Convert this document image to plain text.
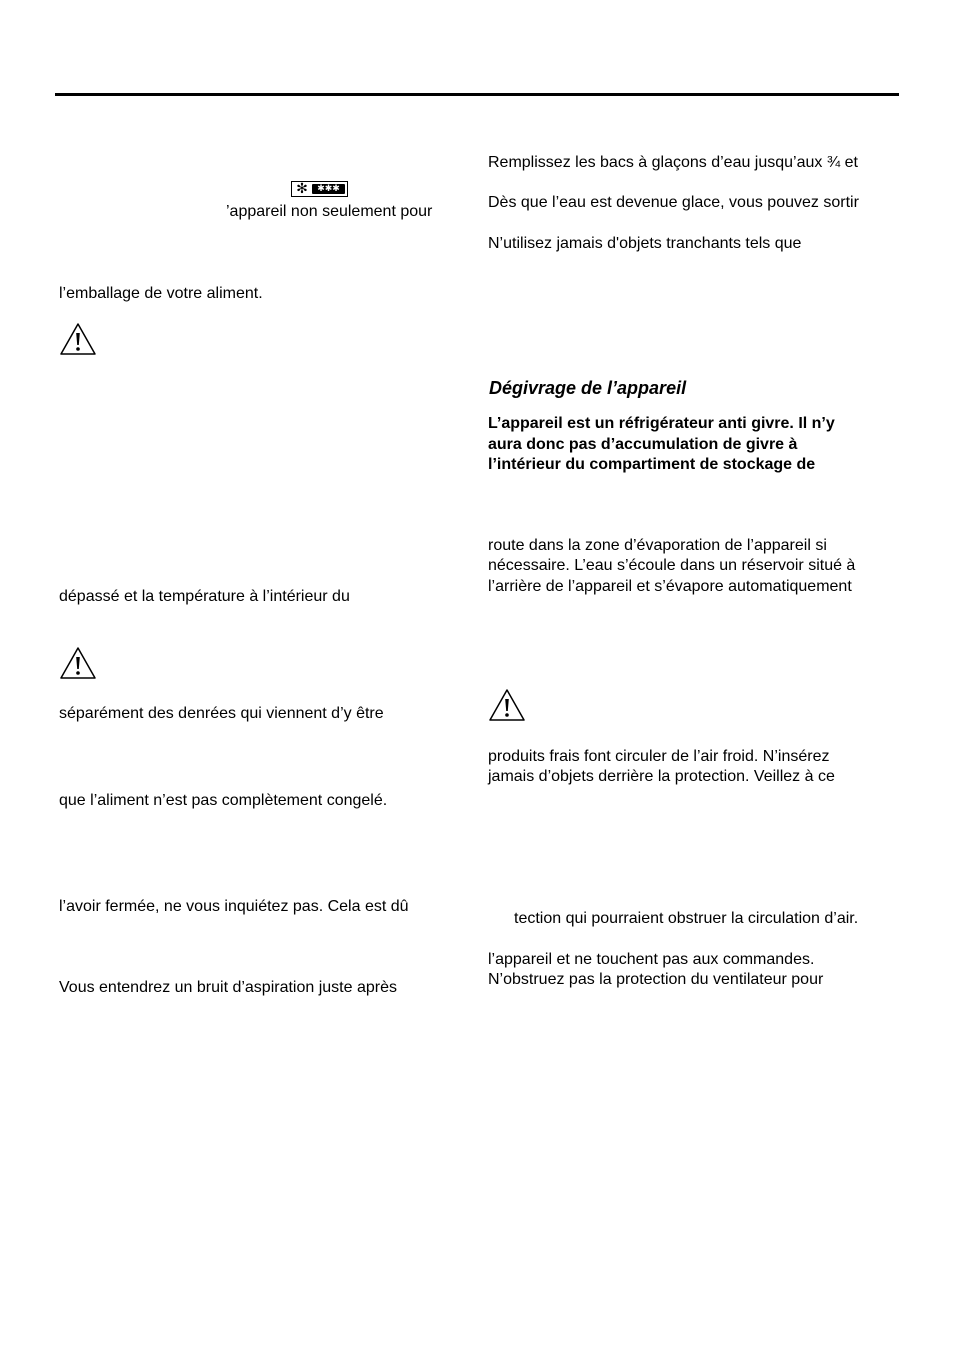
✻	✱✱✱
’appareil non seulement pour
l’emballage de votre aliment.
dépassé et la température à l’intérieur du
séparément des denrées qui viennent d’y être
que l’aliment n’est pas complètement congelé.
l’avoir fermée, ne vous inquiétez pas. Cela est dû
Vous entendrez un bruit d’aspiration juste après
Remplissez les bacs à glaçons d’eau jusqu’aux ¾ et
Dès que l’eau est devenue glace, vous pouvez sortir
N’utilisez jamais d'objets tranchants tels que
Dégivrage de l’appareil
L’appareil est un réfrigérateur anti givre. Il n’y
aura donc pas d’accumulation de givre à
l’intérieur du compartiment de stockage de
route dans la zone d’évaporation de l’appareil si
nécessaire. L’eau s’écoule dans un réservoir situé à
l’arrière de l’appareil et s’évapore automatiquement
produits frais font circuler de l’air froid. N’insérez
jamais d’objets derrière la protection. Veillez à ce
tection qui pourraient obstruer la circulation d’air.
l’appareil et ne touchent pas aux commandes.
N’obstruez pas la protection du ventilateur pour
